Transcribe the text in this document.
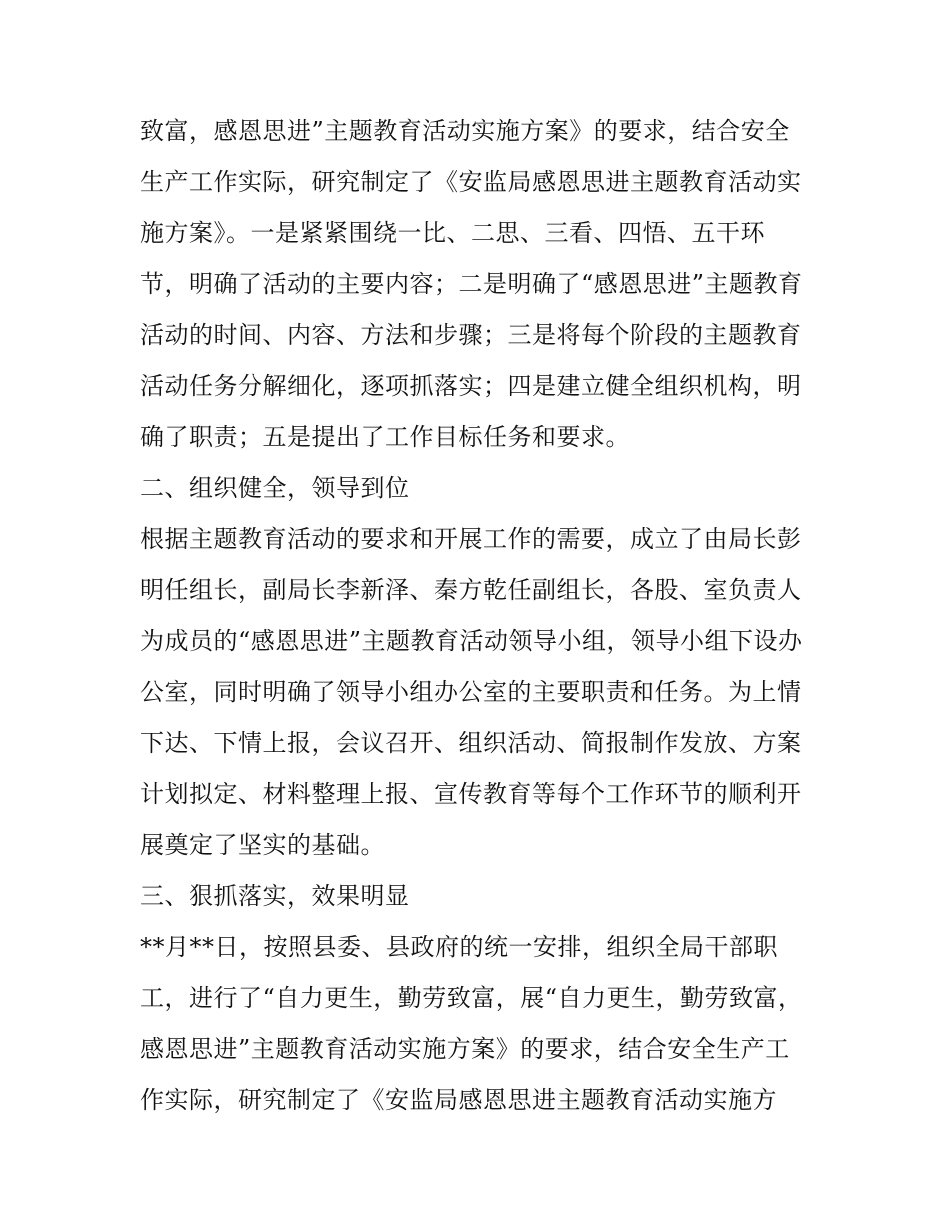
致富，感恩思进”主题教育活动实施方案》的要求，结合安全
生产工作实际，研究制定了《安监局感恩思进主题教育活动实
施方案》。一是紧紧围绕一比、二思、三看、四悟、五干环
节，明确了活动的主要内容；二是明确了“感恩思进”主题教育
活动的时间、内容、方法和步骤；三是将每个阶段的主题教育
活动任务分解细化，逐项抓落实；四是建立健全组织机构，明
确了职责；五是提出了工作目标任务和要求。
二、组织健全，领导到位
根据主题教育活动的要求和开展工作的需要，成立了由局长彭
明任组长，副局长李新泽、秦方乾任副组长，各股、室负责人
为成员的“感恩思进”主题教育活动领导小组，领导小组下设办
公室，同时明确了领导小组办公室的主要职责和任务。为上情
下达、下情上报，会议召开、组织活动、简报制作发放、方案
计划拟定、材料整理上报、宣传教育等每个工作环节的顺利开
展奠定了坚实的基础。
三、狠抓落实，效果明显
**月**日，按照县委、县政府的统一安排，组织全局干部职
工，进行了“自力更生，勤劳致富，展“自力更生，勤劳致富，
感恩思进”主题教育活动实施方案》的要求，结合安全生产工
作实际，研究制定了《安监局感恩思进主题教育活动实施方
